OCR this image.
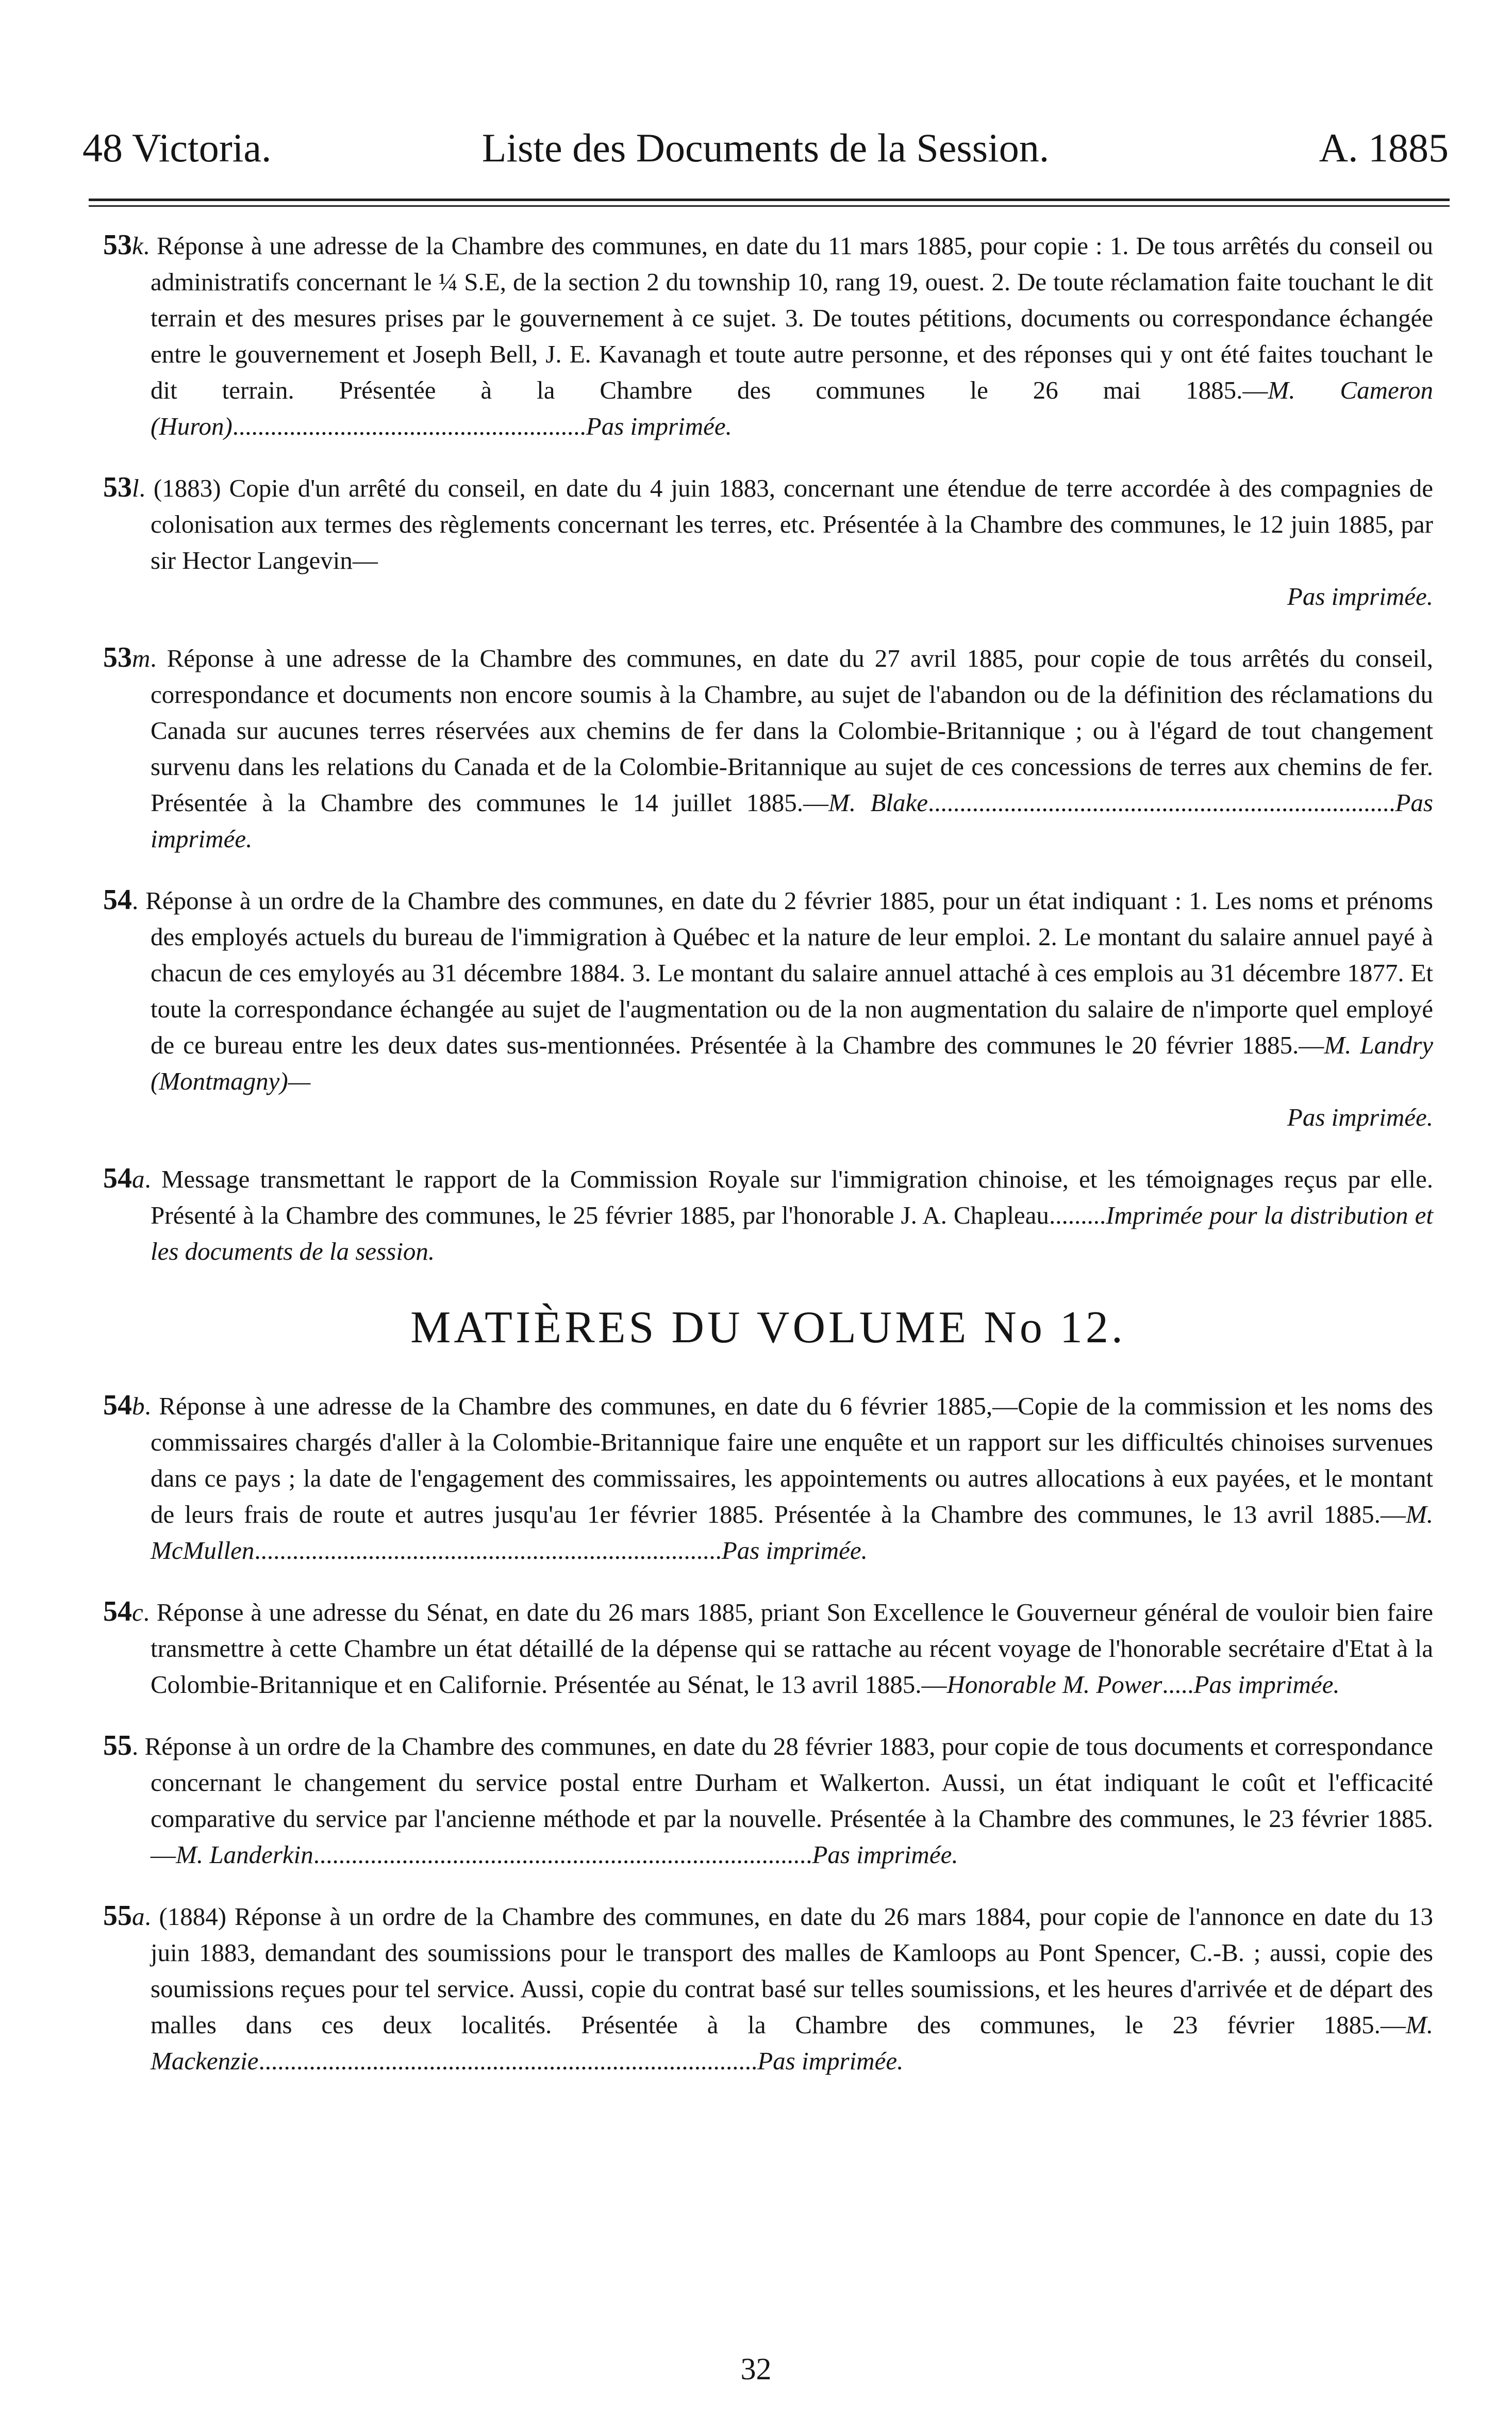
48 Victoria.	Liste des Documents de la Session.	A. 1885

53k. Réponse à une adresse de la Chambre des communes, en date du 11 mars 1885, pour copie : 1. De tous arrêtés du conseil ou administratifs concernant le ¼ S.E, de la section 2 du township 10, rang 19, ouest. 2. De toute réclamation faite touchant le dit terrain et des mesures prises par le gouvernement à ce sujet. 3. De toutes pétitions, documents ou correspondance échangée entre le gouvernement et Joseph Bell, J. E. Kavanagh et toute autre personne, et des réponses qui y ont été faites touchant le dit terrain. Présentée à la Chambre des communes le 26 mai 1885.—M. Cameron (Huron)........................................................Pas imprimée.

53l. (1883) Copie d'un arrêté du conseil, en date du 4 juin 1883, concernant une étendue de terre accordée à des compagnies de colonisation aux termes des règlements concernant les terres, etc. Présentée à la Chambre des communes, le 12 juin 1885, par sir Hector Langevin—
Pas imprimée.

53m. Réponse à une adresse de la Chambre des communes, en date du 27 avril 1885, pour copie de tous arrêtés du conseil, correspondance et documents non encore soumis à la Chambre, au sujet de l'abandon ou de la définition des réclamations du Canada sur aucunes terres réservées aux chemins de fer dans la Colombie-Britannique ; ou à l'égard de tout changement survenu dans les relations du Canada et de la Colombie-Britannique au sujet de ces concessions de terres aux chemins de fer. Présentée à la Chambre des communes le 14 juillet 1885.—M. Blake..........................................................................Pas imprimée.

54. Réponse à un ordre de la Chambre des communes, en date du 2 février 1885, pour un état indiquant : 1. Les noms et prénoms des employés actuels du bureau de l'immigration à Québec et la nature de leur emploi. 2. Le montant du salaire annuel payé à chacun de ces emyloyés au 31 décembre 1884. 3. Le montant du salaire annuel attaché à ces emplois au 31 décembre 1877. Et toute la correspondance échangée au sujet de l'augmentation ou de la non augmentation du salaire de n'importe quel employé de ce bureau entre les deux dates sus-mentionnées. Présentée à la Chambre des communes le 20 février 1885.—M. Landry (Montmagny)—
Pas imprimée.

54a. Message transmettant le rapport de la Commission Royale sur l'immigration chinoise, et les témoignages reçus par elle. Présenté à la Chambre des communes, le 25 février 1885, par l'honorable J. A. Chapleau.........Imprimée pour la distribution et les documents de la session.

MATIÈRES DU VOLUME No 12.

54b. Réponse à une adresse de la Chambre des communes, en date du 6 février 1885,—Copie de la commission et les noms des commissaires chargés d'aller à la Colombie-Britannique faire une enquête et un rapport sur les difficultés chinoises survenues dans ce pays ; la date de l'engagement des commissaires, les appointements ou autres allocations à eux payées, et le montant de leurs frais de route et autres jusqu'au 1er février 1885. Présentée à la Chambre des communes, le 13 avril 1885.—M. McMullen..........................................................................Pas imprimée.

54c. Réponse à une adresse du Sénat, en date du 26 mars 1885, priant Son Excellence le Gouverneur général de vouloir bien faire transmettre à cette Chambre un état détaillé de la dépense qui se rattache au récent voyage de l'honorable secrétaire d'Etat à la Colombie-Britannique et en Californie. Présentée au Sénat, le 13 avril 1885.—Honorable M. Power.....Pas imprimée.

55. Réponse à un ordre de la Chambre des communes, en date du 28 février 1883, pour copie de tous documents et correspondance concernant le changement du service postal entre Durham et Walkerton. Aussi, un état indiquant le coût et l'efficacité comparative du service par l'ancienne méthode et par la nouvelle. Présentée à la Chambre des communes, le 23 février 1885. —M. Landerkin...............................................................................Pas imprimée.

55a. (1884) Réponse à un ordre de la Chambre des communes, en date du 26 mars 1884, pour copie de l'annonce en date du 13 juin 1883, demandant des soumissions pour le transport des malles de Kamloops au Pont Spencer, C.-B. ; aussi, copie des soumissions reçues pour tel service. Aussi, copie du contrat basé sur telles soumissions, et les heures d'arrivée et de départ des malles dans ces deux localités. Présentée à la Chambre des communes, le 23 février 1885.—M. Mackenzie...............................................................................Pas imprimée.

32
